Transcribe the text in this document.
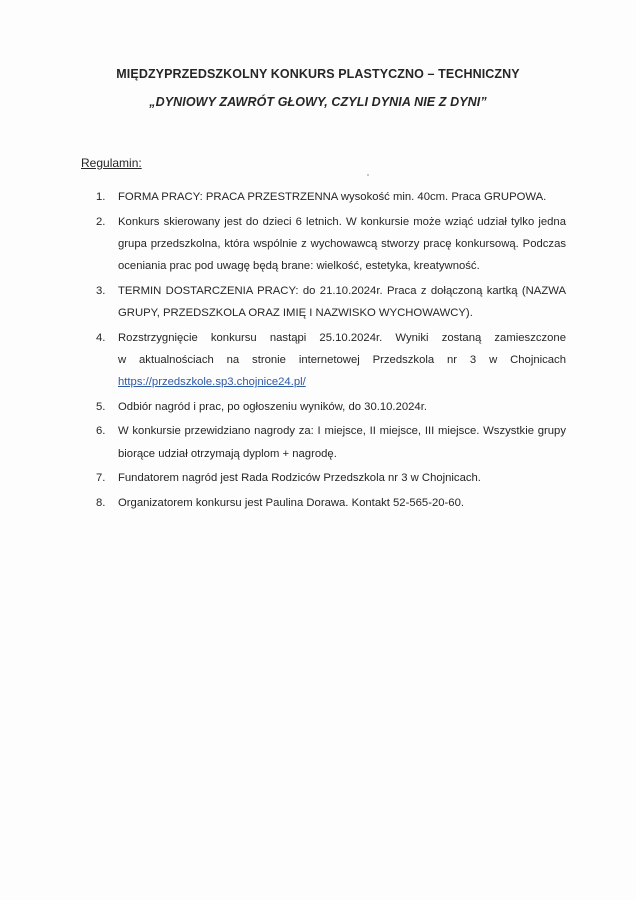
MIĘDZYPRZEDSZKOLNY KONKURS PLASTYCZNO – TECHNICZNY
„DYNIOWY ZAWRÓT GŁOWY, CZYLI DYNIA NIE Z DYNI”
Regulamin:
1. FORMA PRACY: PRACA PRZESTRZENNA wysokość min. 40cm. Praca GRUPOWA.
2. Konkurs skierowany jest do dzieci 6 letnich. W konkursie może wziąć udział tylko jedna grupa przedszkolna, która wspólnie z wychowawcą stworzy pracę konkursową. Podczas oceniania prac pod uwagę będą brane: wielkość, estetyka, kreatywność.
3. TERMIN DOSTARCZENIA PRACY: do 21.10.2024r. Praca z dołączoną kartką (NAZWA GRUPY, PRZEDSZKOLA ORAZ IMIĘ I NAZWISKO WYCHOWAWCY).
4. Rozstrzygnięcie konkursu nastąpi 25.10.2024r. Wyniki zostaną zamieszczone
w aktualnościach na stronie internetowej Przedszkola nr 3 w Chojnicach
https://przedszkole.sp3.chojnice24.pl/
5. Odbiór nagród i prac, po ogłoszeniu wyników, do 30.10.2024r.
6. W konkursie przewidziano nagrody za: I miejsce, II miejsce, III miejsce. Wszystkie grupy biorące udział otrzymają dyplom + nagrodę.
7. Fundatorem nagród jest Rada Rodziców Przedszkola nr 3 w Chojnicach.
8. Organizatorem konkursu jest Paulina Dorawa. Kontakt 52-565-20-60.
